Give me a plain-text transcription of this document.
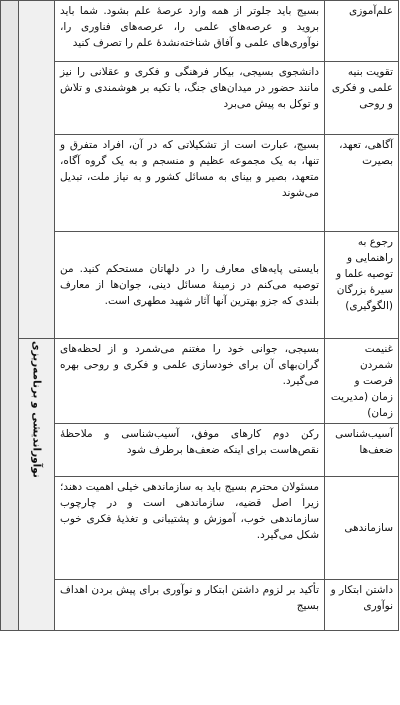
علم‌آموزی	بسیج باید جلوتر از همه وارد عرصهٔ علم بشود. شما باید بروید و عرصه‌های علمی را، عرصه‌های فناوری را، نوآوری‌های علمی و آفاق شناخته‌نشدهٔ علم را تصرف کنید		
تقویت بنیه علمی و فکری و روحی	دانشجوی بسیجی، بیکار فرهنگی و فکری و عقلانی را نیز مانند حضور در میدان‌های جنگ، با تکیه بر هوشمندی و تلاش و توکل به پیش می‌برد		
آگاهی، تعهد، بصیرت	بسیج، عبارت است از تشکیلاتی که در آن، افراد متفرق و تنها، به یک مجموعه عظیم و منسجم و به یک گروه آگاه، متعهد، بصیر و بینای به مسائل کشور و به نیاز ملت، تبدیل می‌شوند		
رجوع به راهنمایی و توصیه علما و سیرهٔ بزرگان (الگوگیری)	بایستی پایه‌های معارف را در دلهاتان مستحکم کنید. من توصیه می‌کنم در زمینهٔ مسائل دینی، جوان‌ها از معارف بلندی که جزو بهترین آنها آثار شهید مطهری است.		
غنیمت شمردن فرصت و زمان (مدیریت زمان)	بسیجی، جوانی خود را مغتنم می‌شمرد و از لحظه‌های گران‌بهای آن برای خودسازی علمی و فکری و روحی بهره می‌گیرد.	نوآوراندیشی و برنامه‌ریزی	
آسیب‌شناسی ضعف‌ها	رکن دوم کارهای موفق، آسیب‌شناسی و ملاحظهٔ نقص‌هاست برای اینکه ضعف‌ها برطرف شود		
سازماندهی	مسئولان محترم بسیج باید به سازماندهی خیلی اهمیت دهند؛ زیرا اصل قضیه، سازماندهی است و در چارچوب سازماندهی خوب، آموزش و پشتیبانی و تغذیهٔ فکری خوب شکل می‌گیرد.		
داشتن ابتکار و نوآوری	تأکید بر لزوم داشتن ابتکار و نوآوری برای پیش بردن اهداف بسیج		
